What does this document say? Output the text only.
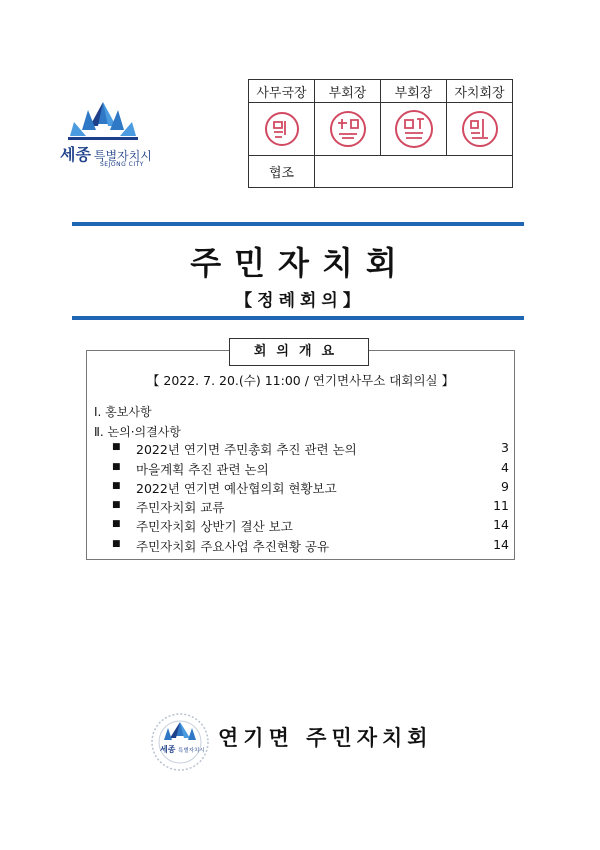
세종 특별자치시
SEJONG CITY
사무국장	부회장	부회장	자치회장

협조			
주민자치회
【정례회의】
회의개요
【 2022. 7. 20.(수) 11:00 / 연기면사무소 대회의실 】
Ⅰ. 홍보사항
Ⅱ. 논의·의결사항
■ 2022년 연기면 주민총회 추진 관련 논의	3
■ 마을계획 추진 관련 논의	4
■ 2022년 연기면 예산협의회 현황보고	9
■ 주민자치회 교류	11
■ 주민자치회 상반기 결산 보고	14
■ 주민자치회 주요사업 추진현황 공유	14
세종 특별자치시
연기면 주민자치회
